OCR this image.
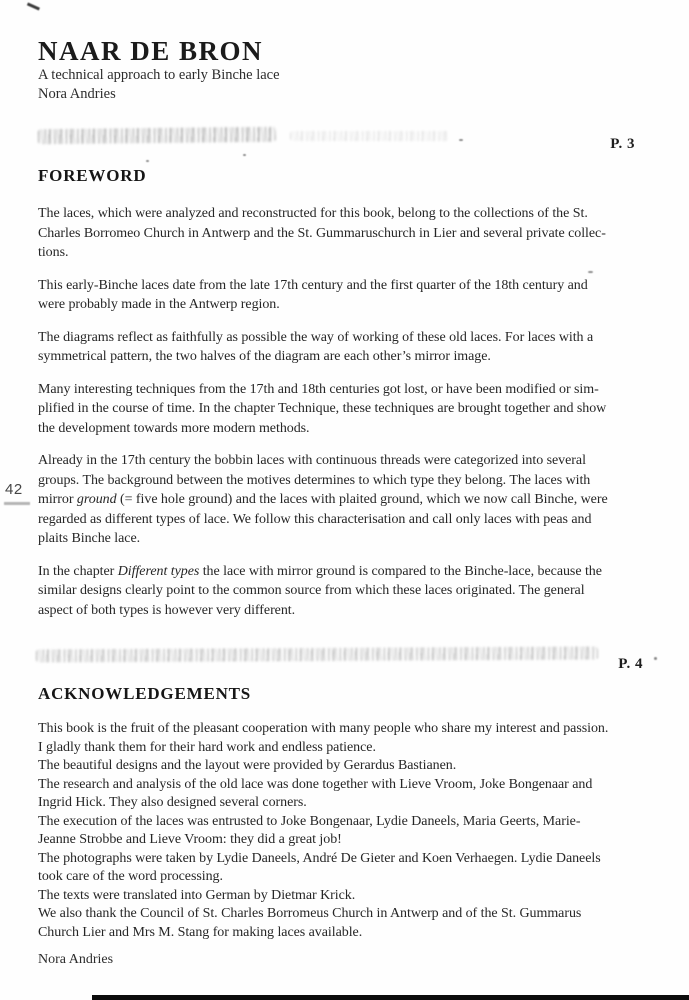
NAAR DE BRON
A technical approach to early Binche lace
Nora Andries
P. 3
FOREWORD
The laces, which were analyzed and reconstructed for this book, belong to the collections of the St.
Charles Borromeo Church in Antwerp and the St. Gummaruschurch in Lier and several private collec-
tions.
This early-Binche laces date from the late 17th century and the first quarter of the 18th century and
were probably made in the Antwerp region.
The diagrams reflect as faithfully as possible the way of working of these old laces. For laces with a
symmetrical pattern, the two halves of the diagram are each other’s mirror image.
Many interesting techniques from the 17th and 18th centuries got lost, or have been modified or sim-
plified in the course of time. In the chapter Technique, these techniques are brought together and show
the development towards more modern methods.
Already in the 17th century the bobbin laces with continuous threads were categorized into several
groups. The background between the motives determines to which type they belong. The laces with
mirror ground (= five hole ground) and the laces with plaited ground, which we now call Binche, were
regarded as different types of lace. We follow this characterisation and call only laces with peas and
plaits Binche lace.
In the chapter Different types the lace with mirror ground is compared to the Binche-lace, because the
similar designs clearly point to the common source from which these laces originated. The general
aspect of both types is however very different.
P. 4
ACKNOWLEDGEMENTS
This book is the fruit of the pleasant cooperation with many people who share my interest and passion.
I gladly thank them for their hard work and endless patience.
The beautiful designs and the layout were provided by Gerardus Bastianen.
The research and analysis of the old lace was done together with Lieve Vroom, Joke Bongenaar and
Ingrid Hick. They also designed several corners.
The execution of the laces was entrusted to Joke Bongenaar, Lydie Daneels, Maria Geerts, Marie-
Jeanne Strobbe and Lieve Vroom: they did a great job!
The photographs were taken by Lydie Daneels, André De Gieter and Koen Verhaegen. Lydie Daneels
took care of the word processing.
The texts were translated into German by Dietmar Krick.
We also thank the Council of St. Charles Borromeus Church in Antwerp and of the St. Gummarus
Church Lier and Mrs M. Stang for making laces available.
Nora Andries
42
